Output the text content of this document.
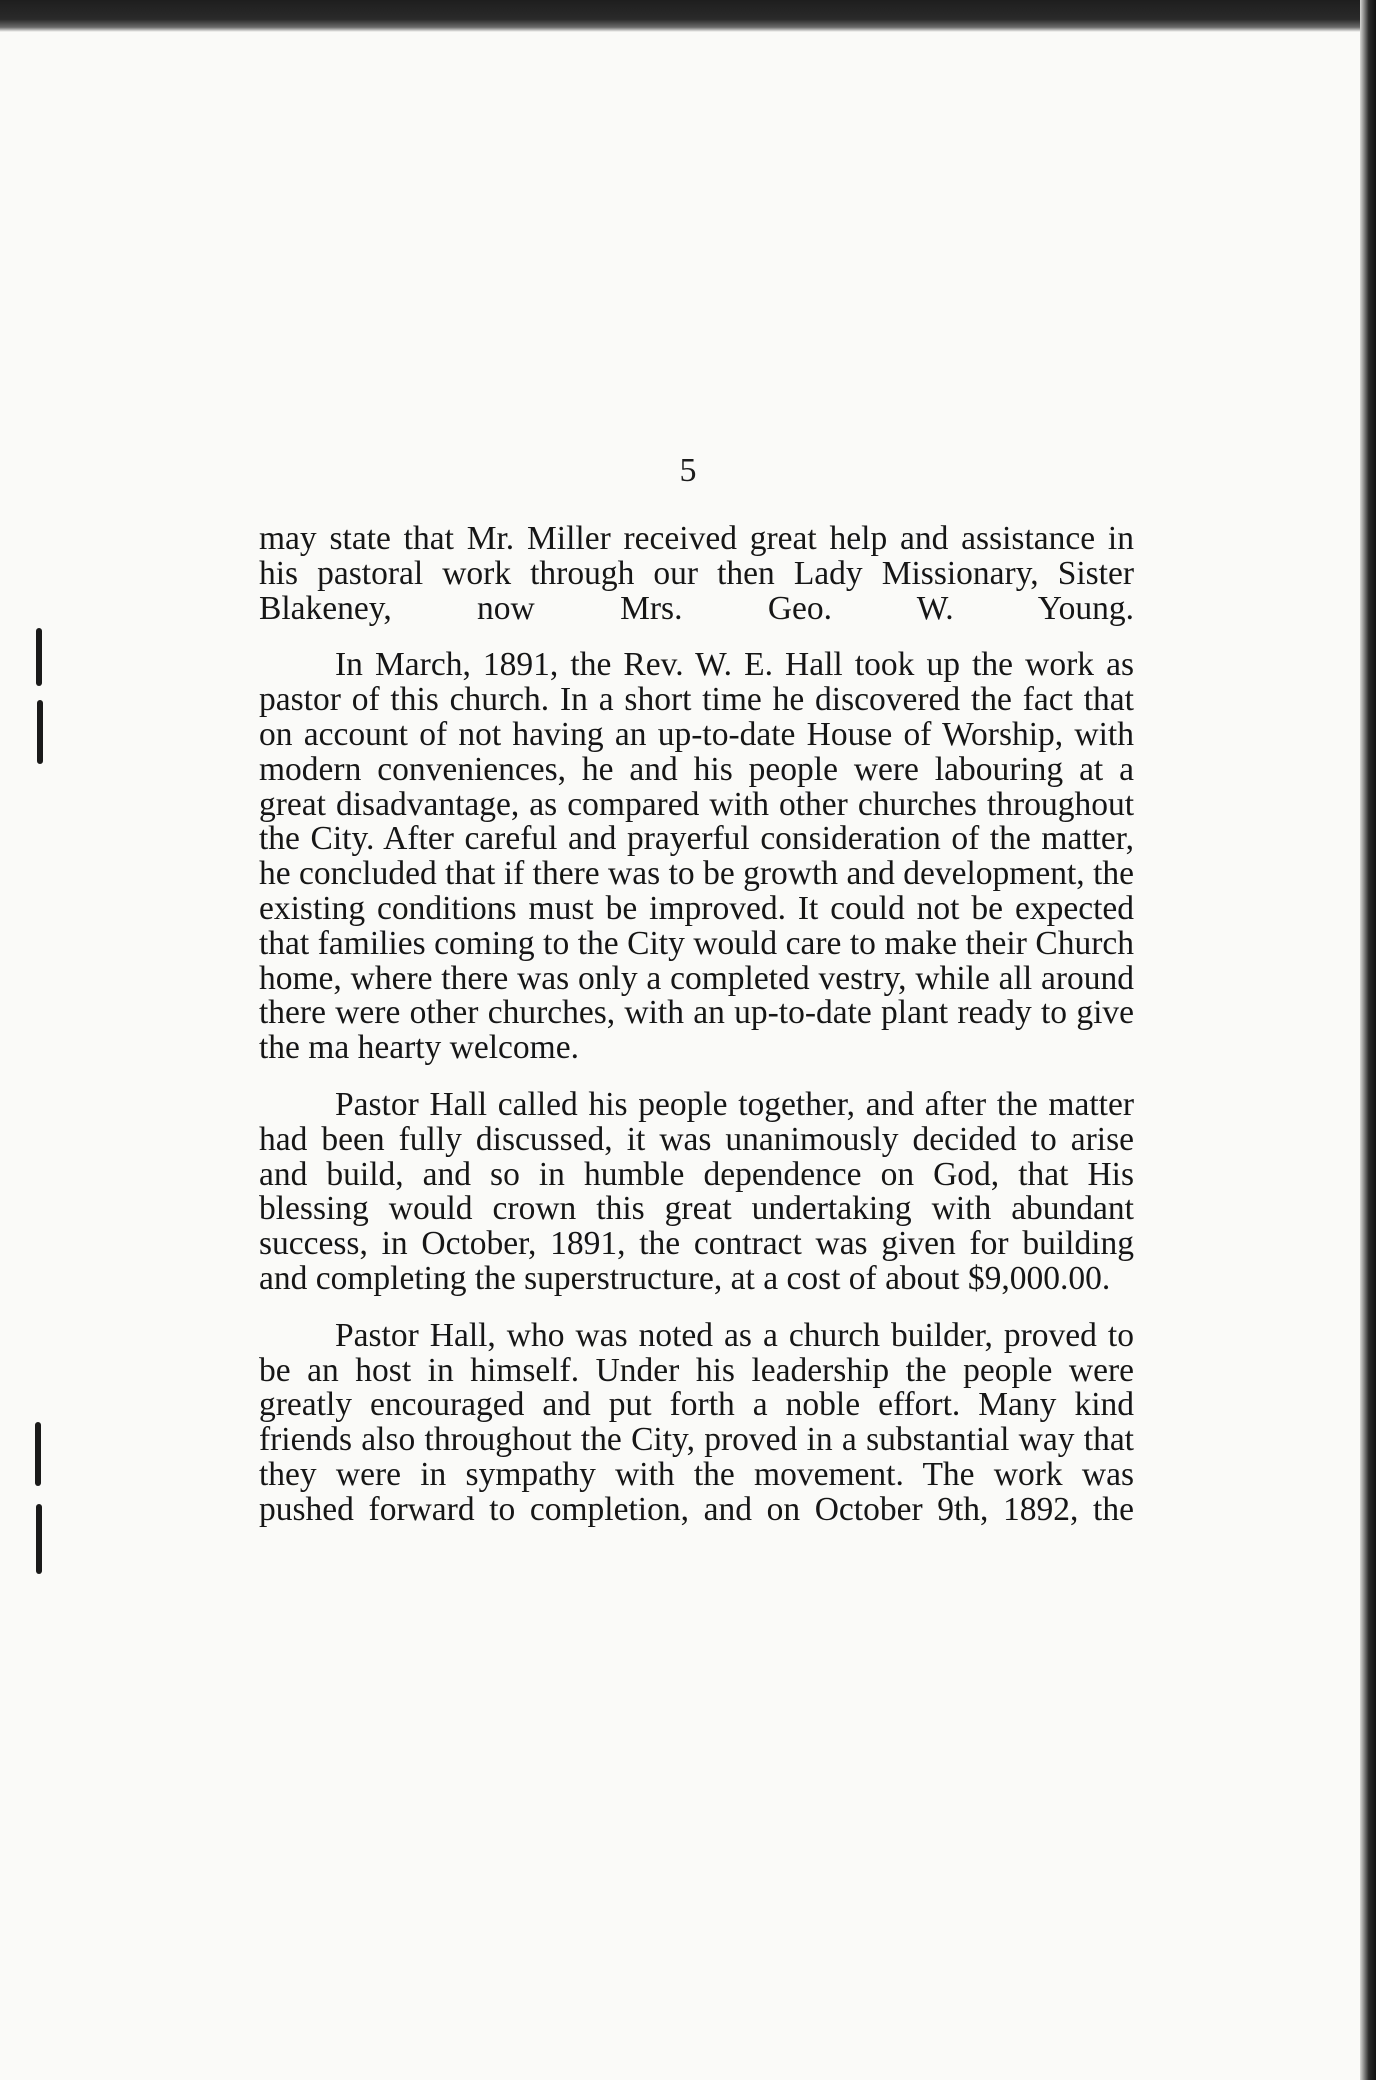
5

may state that Mr. Miller received great help and assistance in his pastoral work through our then Lady Missionary, Sister Blakeney, now Mrs. Geo. W. Young.

In March, 1891, the Rev. W. E. Hall took up the work as pastor of this church. In a short time he discovered the fact that on account of not having an up-to-date House of Worship, with modern conveniences, he and his people were labouring at a great disadvantage, as compared with other churches throughout the City. After careful and prayerful consideration of the matter, he concluded that if there was to be growth and development, the existing conditions must be improved. It could not be expected that families coming to the City would care to make their Church home, where there was only a completed vestry, while all around there were other churches, with an up-to-date plant ready to give the ma hearty welcome.

Pastor Hall called his people together, and after the matter had been fully discussed, it was unanimously decided to arise and build, and so in humble dependence on God, that His blessing would crown this great undertaking with abundant success, in October, 1891, the contract was given for building and completing the superstructure, at a cost of about $9,000.00.

Pastor Hall, who was noted as a church builder, proved to be an host in himself. Under his leadership the people were greatly encouraged and put forth a noble effort. Many kind friends also throughout the City, proved in a substantial way that they were in sympathy with the movement. The work was pushed forward to completion, and on October 9th, 1892, the
